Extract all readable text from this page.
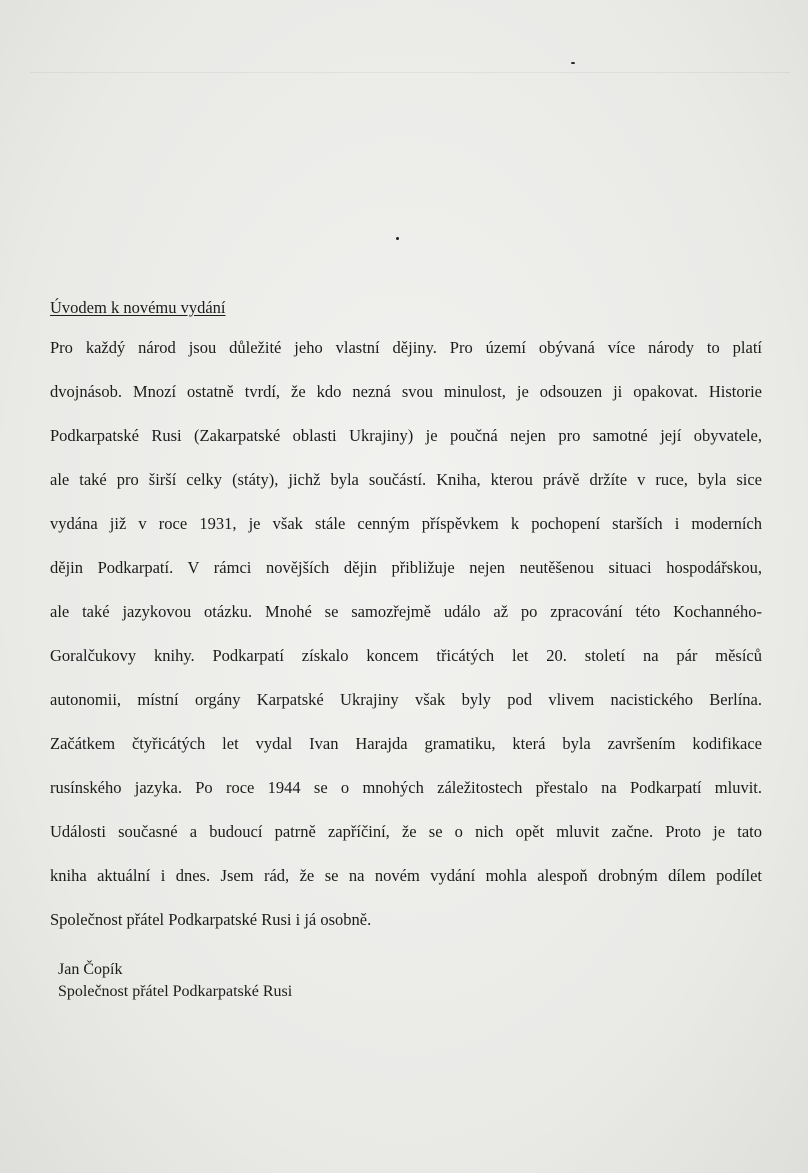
Úvodem k novému vydání
Pro každý národ jsou důležité jeho vlastní dějiny. Pro území obývaná více národy to platí
dvojnásob. Mnozí ostatně tvrdí, že kdo nezná svou minulost, je odsouzen ji opakovat. Historie
Podkarpatské Rusi (Zakarpatské oblasti Ukrajiny) je poučná nejen pro samotné její obyvatele,
ale také pro širší celky (státy), jichž byla součástí. Kniha, kterou právě držíte v ruce, byla sice
vydána již v roce 1931, je však stále cenným příspěvkem k pochopení starších i moderních
dějin Podkarpatí. V rámci novějších dějin přibližuje nejen neutěšenou situaci hospodářskou,
ale také jazykovou otázku. Mnohé se samozřejmě událo až po zpracování této Kochanného-
Goralčukovy knihy. Podkarpatí získalo koncem třicátých let 20. století na pár měsíců
autonomii, místní orgány Karpatské Ukrajiny však byly pod vlivem nacistického Berlína.
Začátkem čtyřicátých let vydal Ivan Harajda gramatiku, která byla završením kodifikace
rusínského jazyka. Po roce 1944 se o mnohých záležitostech přestalo na Podkarpatí mluvit.
Události současné a budoucí patrně zapříčiní, že se o nich opět mluvit začne. Proto je tato
kniha aktuální i dnes. Jsem rád, že se na novém vydání mohla alespoň drobným dílem podílet
Společnost přátel Podkarpatské Rusi i já osobně.
Jan Čopík
Společnost přátel Podkarpatské Rusi
